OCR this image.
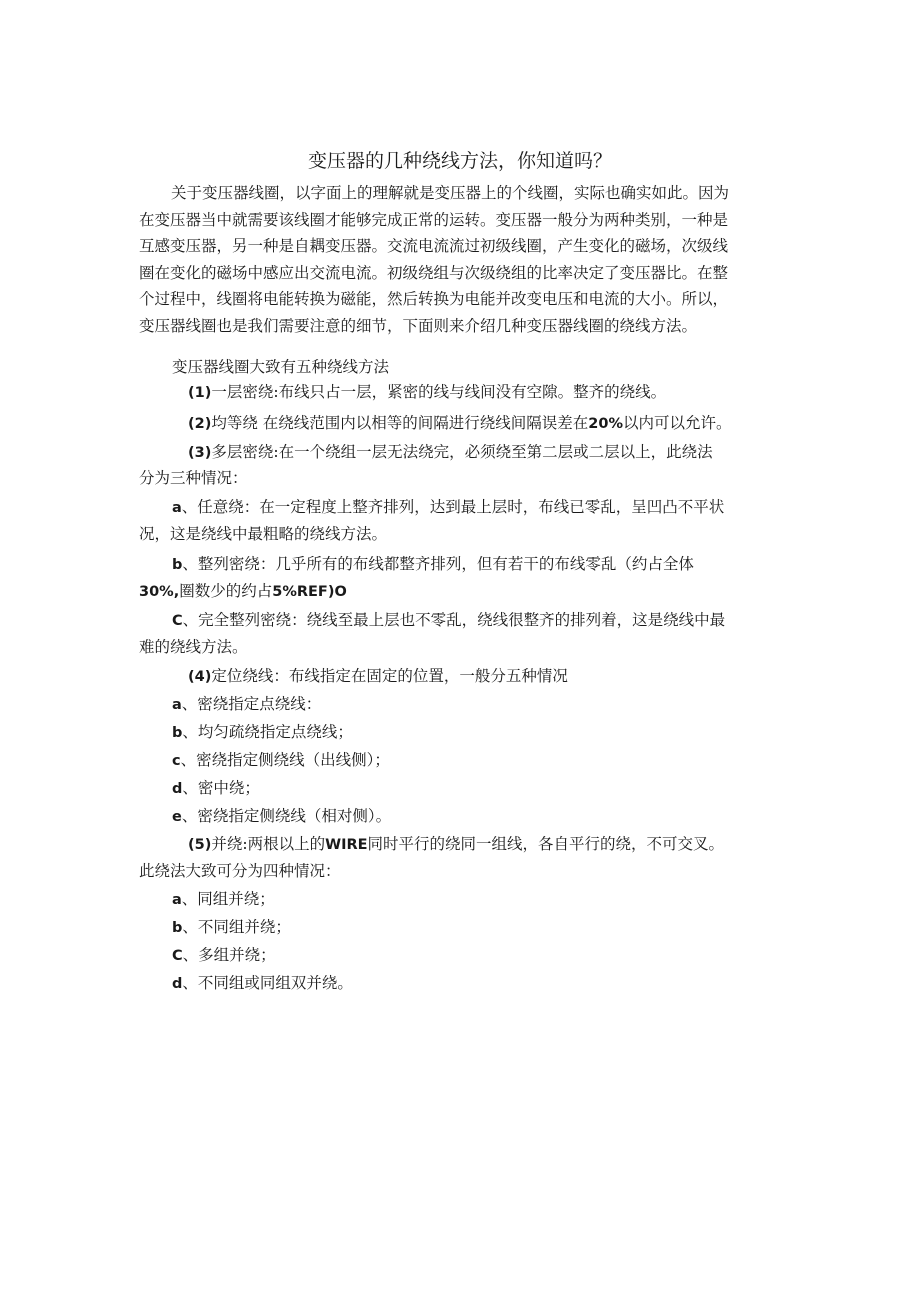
变压器的几种绕线方法，你知道吗？
关于变压器线圈，以字面上的理解就是变压器上的个线圈，实际也确实如此。因为
在变压器当中就需要该线圈才能够完成正常的运转。变压器一般分为两种类别，一种是
互感变压器，另一种是自耦变压器。交流电流流过初级线圈，产生变化的磁场，次级线
圈在变化的磁场中感应出交流电流。初级绕组与次级绕组的比率决定了变压器比。在整
个过程中，线圈将电能转换为磁能，然后转换为电能并改变电压和电流的大小。所以，
变压器线圈也是我们需要注意的细节，下面则来介绍几种变压器线圈的绕线方法。
变压器线圈大致有五种绕线方法
(1)一层密绕:布线只占一层，紧密的线与线间没有空隙。整齐的绕线。
(2)均等绕 在绕线范围内以相等的间隔进行绕线间隔误差在20%以内可以允许。
(3)多层密绕:在一个绕组一层无法绕完，必须绕至第二层或二层以上，此绕法
分为三种情况：
a、任意绕：在一定程度上整齐排列，达到最上层时，布线已零乱，呈凹凸不平状
况，这是绕线中最粗略的绕线方法。
b、整列密绕：几乎所有的布线都整齐排列，但有若干的布线零乱（约占全体
30%,圈数少的约占5%REF)O
C、完全整列密绕：绕线至最上层也不零乱，绕线很整齐的排列着，这是绕线中最
难的绕线方法。
(4)定位绕线：布线指定在固定的位置，一般分五种情况
a、密绕指定点绕线：
b、均匀疏绕指定点绕线；
c、密绕指定侧绕线（出线侧）；
d、密中绕；
e、密绕指定侧绕线（相对侧）。
(5)并绕:两根以上的WIRE同时平行的绕同一组线，各自平行的绕，不可交叉。
此绕法大致可分为四种情况：
a、同组并绕；
b、不同组并绕；
C、多组并绕；
d、不同组或同组双并绕。
